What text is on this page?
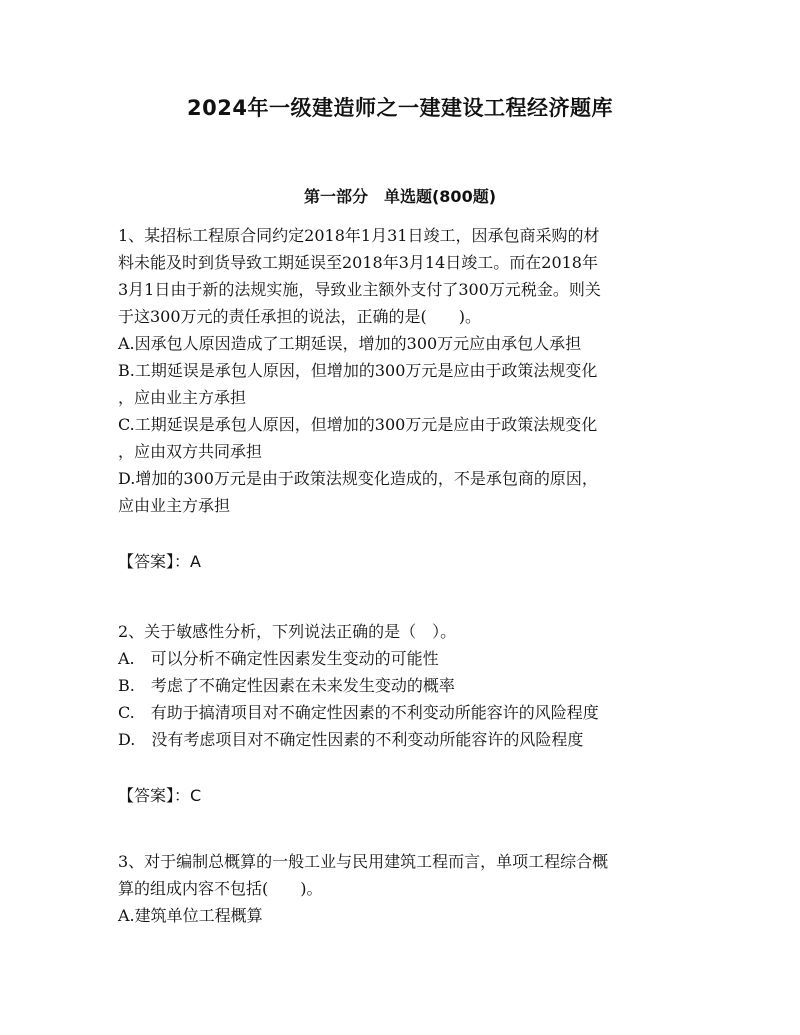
2024年一级建造师之一建建设工程经济题库
第一部分　单选题(800题)
1、某招标工程原合同约定2018年1月31日竣工，因承包商采购的材
料未能及时到货导致工期延误至2018年3月14日竣工。而在2018年
3月1日由于新的法规实施，导致业主额外支付了300万元税金。则关
于这300万元的责任承担的说法，正确的是(　　)。
A.因承包人原因造成了工期延误，增加的300万元应由承包人承担
B.工期延误是承包人原因，但增加的300万元是应由于政策法规变化
，应由业主方承担
C.工期延误是承包人原因，但增加的300万元是应由于政策法规变化
，应由双方共同承担
D.增加的300万元是由于政策法规变化造成的，不是承包商的原因，
应由业主方承担
【答案】：A
2、关于敏感性分析，下列说法正确的是（　）。
A.　可以分析不确定性因素发生变动的可能性
B.　考虑了不确定性因素在未来发生变动的概率
C.　有助于搞清项目对不确定性因素的不利变动所能容许的风险程度
D.　没有考虑项目对不确定性因素的不利变动所能容许的风险程度
【答案】：C
3、对于编制总概算的一般工业与民用建筑工程而言，单项工程综合概
算的组成内容不包括(　　)。
A.建筑单位工程概算
